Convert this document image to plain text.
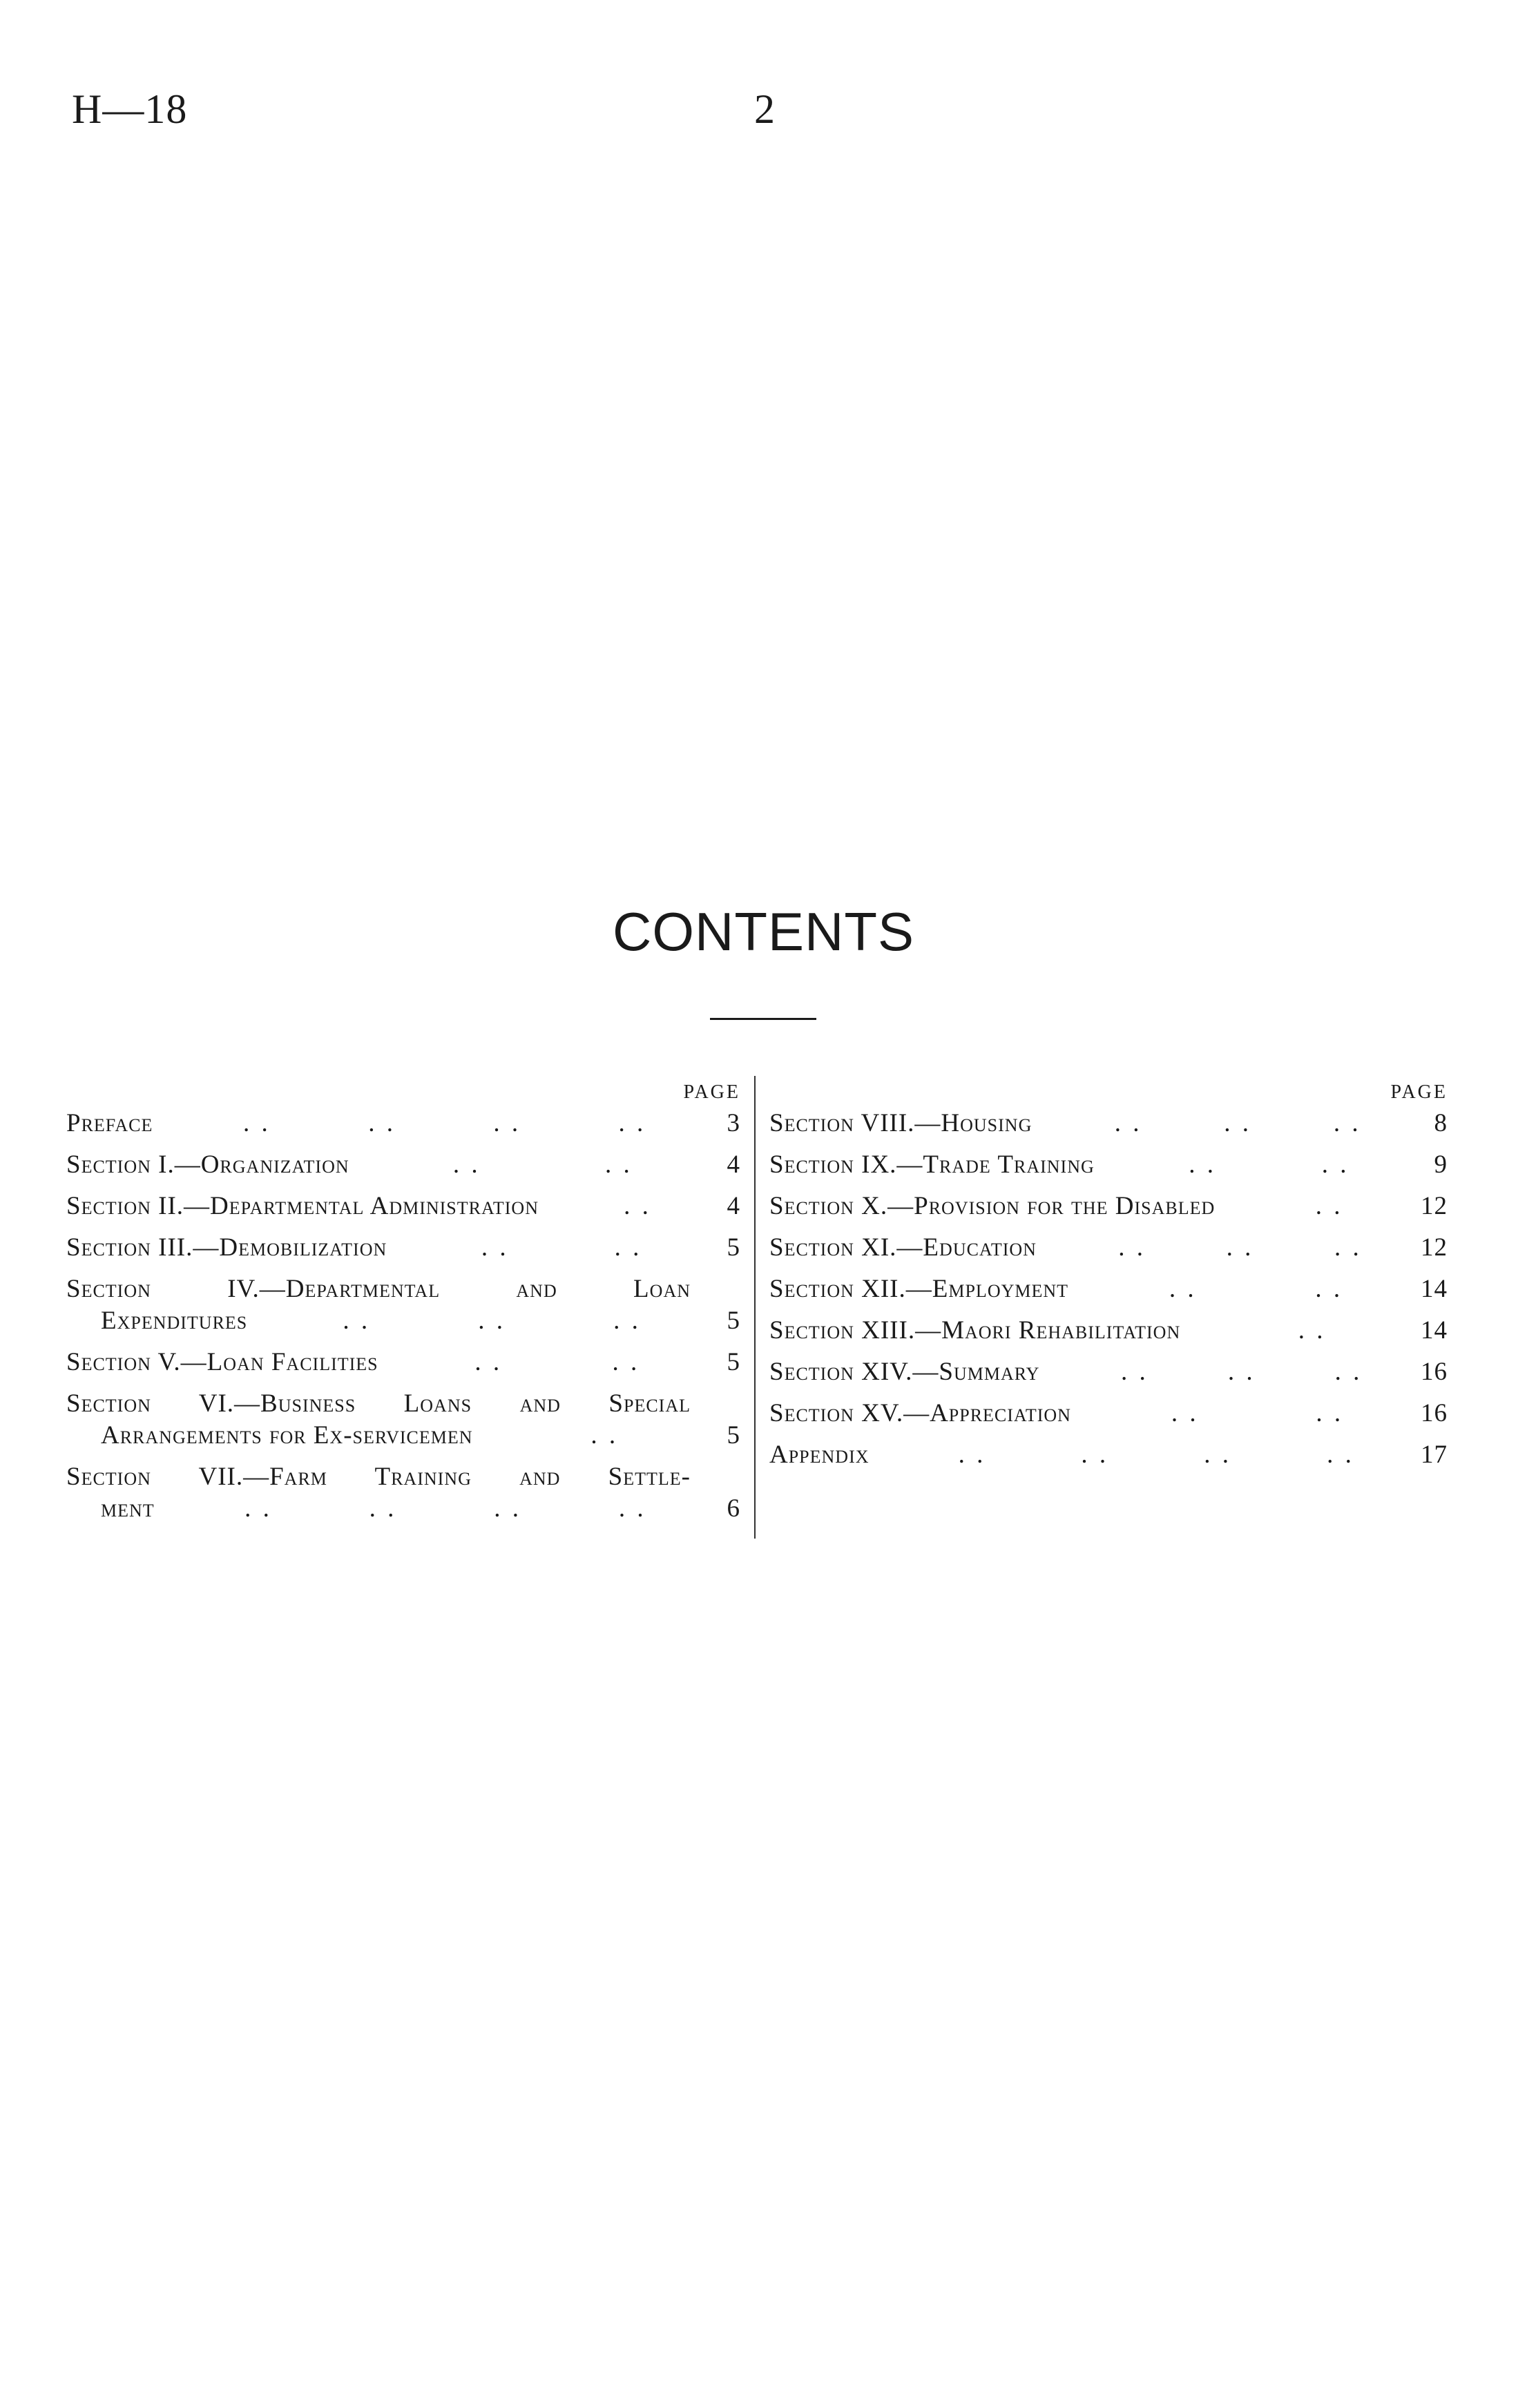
H—18	2
CONTENTS
PAGE
Preface	. .	. .	. .	. .	3
Section I.—Organization	. .	. .	4
Section II.—Departmental Administration	. .	4
Section III.—Demobilization	. .	. .	5
Section IV.—Departmental and Loan
Expenditures	. .	. .	. .	5
Section V.—Loan Facilities	. .	. .	5
Section VI.—Business Loans and Special
Arrangements for Ex-servicemen	. .	5
Section VII.—Farm Training and Settle-
ment	. .	. .	. .	. .	6
PAGE
Section VIII.—Housing	. .	. .	. .	8
Section IX.—Trade Training	. .	. .	9
Section X.—Provision for the Disabled	. .	12
Section XI.—Education	. .	. .	. . 12
Section XII.—Employment	. .	. .	14
Section XIII.—Maori Rehabilitation	. .	14
Section XIV.—Summary	. .	. .	. . 16
Section XV.—Appreciation	. .	. .	16
Appendix	. .	. .	. .	. .	17
